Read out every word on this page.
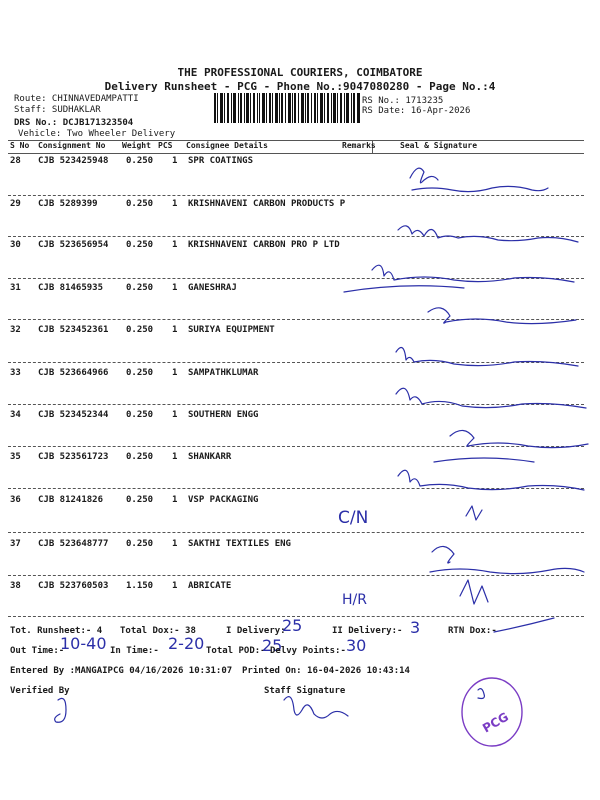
THE PROFESSIONAL COURIERS, COIMBATORE
Delivery Runsheet - PCG - Phone No.:9047080280 - Page No.:4
Route: CHINNAVEDAMPATTI
Staff: SUDHAKLAR
DRS No.: DCJB171323504
Vehicle: Two Wheeler Delivery
RS No.: 1713235
RS Date: 16-Apr-2026
S No Consignment No Weight PCS Consignee Details	Remarks	Seal & Signature
28 CJB 523425948 0.250 1 SPR COATINGS
29 CJB 5289399	0.250 1 KRISHNAVENI CARBON PRODUCTS P
30 CJB 523656954 0.250 1 KRISHNAVENI CARBON PRO P LTD
31 CJB 81465935	0.250 1 GANESHRAJ
32 CJB 523452361 0.250 1 SURIYA EQUIPMENT
33 CJB 523664966 0.250 1 SAMPATHKLUMAR
34 CJB 523452344 0.250 1 SOUTHERN ENGG
35 CJB 523561723 0.250 1 SHANKARR
36 CJB 81241826	0.250 1 VSP PACKAGING
37 CJB 523648777 0.250 1 SAKTHI TEXTILES ENG
38 CJB 523760503 1.150 1 ABRICATE
C/N
H/R
Tot. Runsheet:- 4 Total Dox:- 38	I Delivery:
25	II Delivery:- 3	RTN Dox:-
Out Time:-
10-40 In Time:- 2-20 Total POD:-
25
Delvy Points:- 30
Entered By :MANGAIPCG 04/16/2026 10:31:07 Printed On: 16-04-2026 10:43:14
Verified By	Staff Signature
PCG
